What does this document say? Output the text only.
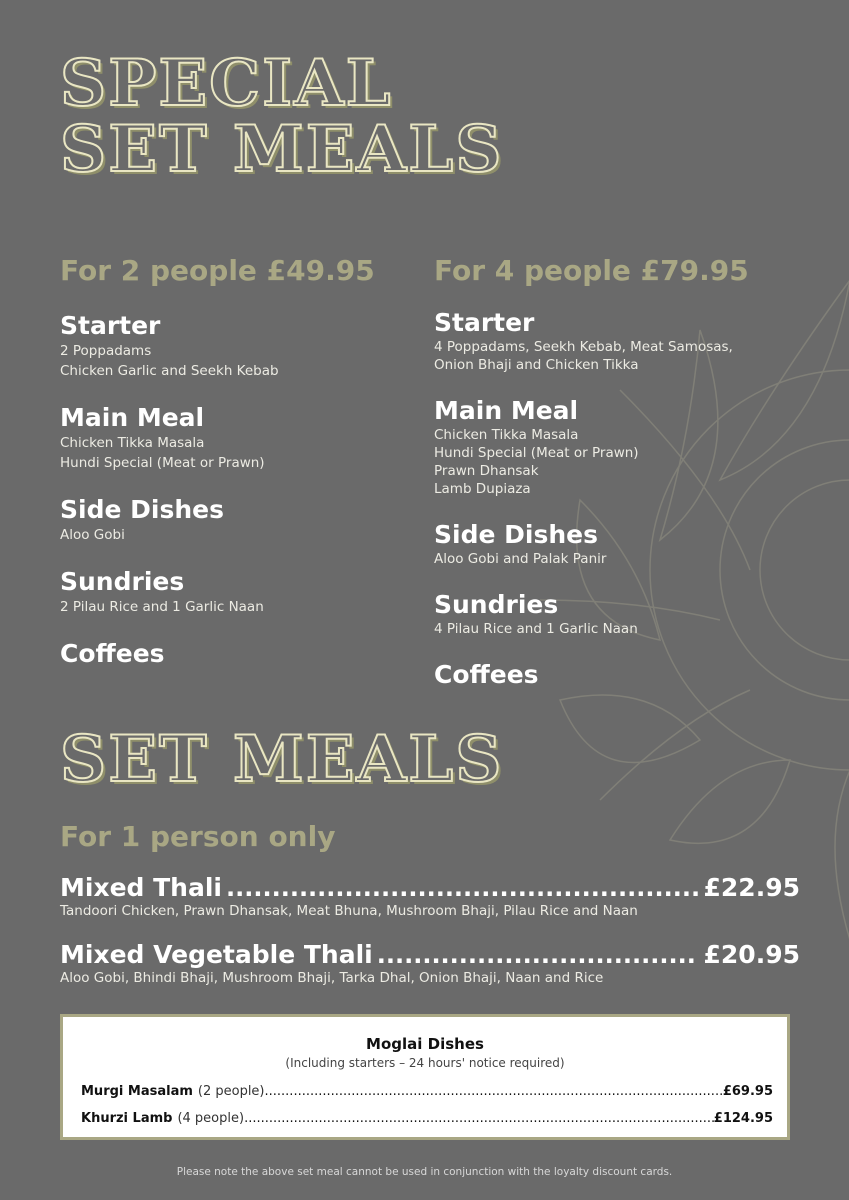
SPECIAL
SET MEALS
For 2 people £49.95 For 4 people £79.95
Starter
2 Poppadams
Chicken Garlic and Seekh Kebab
Main Meal
Chicken Tikka Masala
Hundi Special (Meat or Prawn)
Side Dishes
Aloo Gobi
Sundries
2 Pilau Rice and 1 Garlic Naan
Coffees
Starter
4 Poppadams, Seekh Kebab, Meat Samosas,
Onion Bhaji and Chicken Tikka
Main Meal
Chicken Tikka Masala
Hundi Special (Meat or Prawn)
Prawn Dhansak
Lamb Dupiaza
Side Dishes
Aloo Gobi and Palak Panir
Sundries
4 Pilau Rice and 1 Garlic Naan
Coffees
SET MEALS
For 1 person only
Mixed Thali .....	£22.95
Tandoori Chicken, Prawn Dhansak, Meat Bhuna, Mushroom Bhaji, Pilau Rice and Naan
Mixed Vegetable Thali .....	£20.95
Aloo Gobi, Bhindi Bhaji, Mushroom Bhaji, Tarka Dhal, Onion Bhaji, Naan and Rice
Moglai Dishes
(Including starters – 24 hours' notice required)
Murgi Masalam (2 people) .....	£69.95
Khurzi Lamb (4 people) .....	£124.95
Please note the above set meal cannot be used in conjunction with the loyalty discount cards.
